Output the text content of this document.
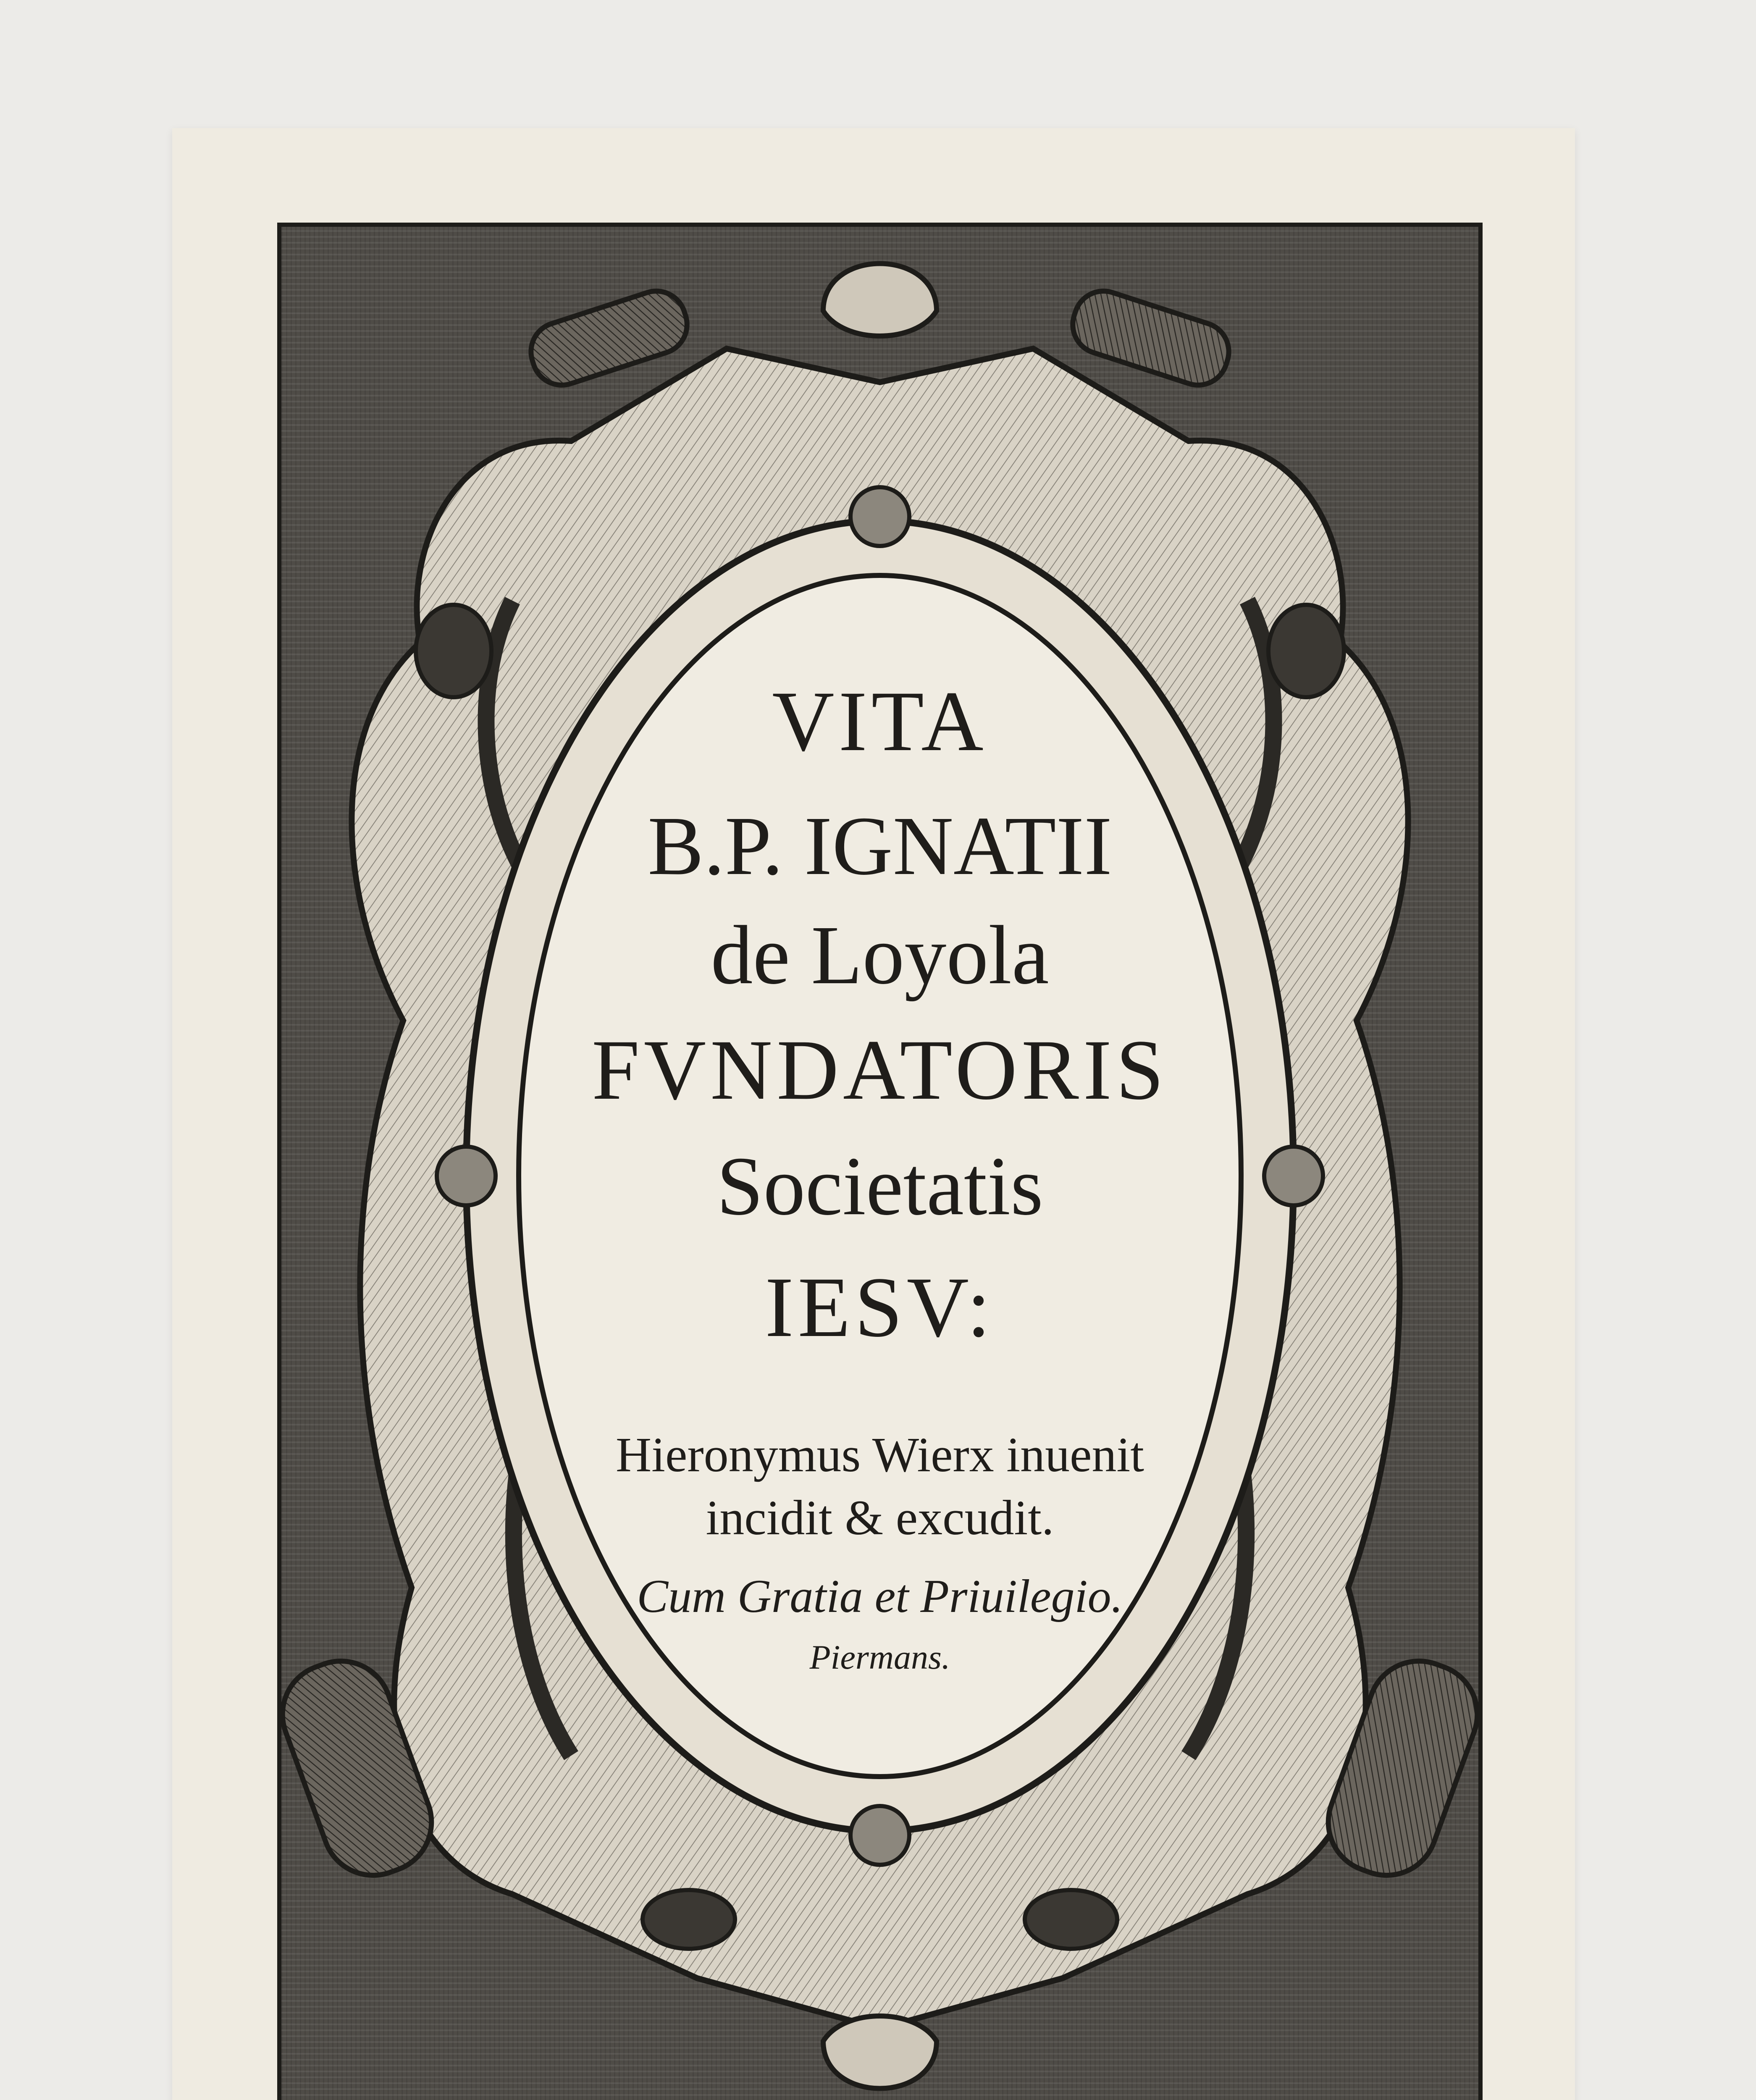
VITA
B.P. IGNATII
de Loyola
FVNDATORIS
Societatis
IESV:
Hieronymus Wierx inuenit
incidit & excudit.
Cum Gratia et Priuilegio.
Piermans.
